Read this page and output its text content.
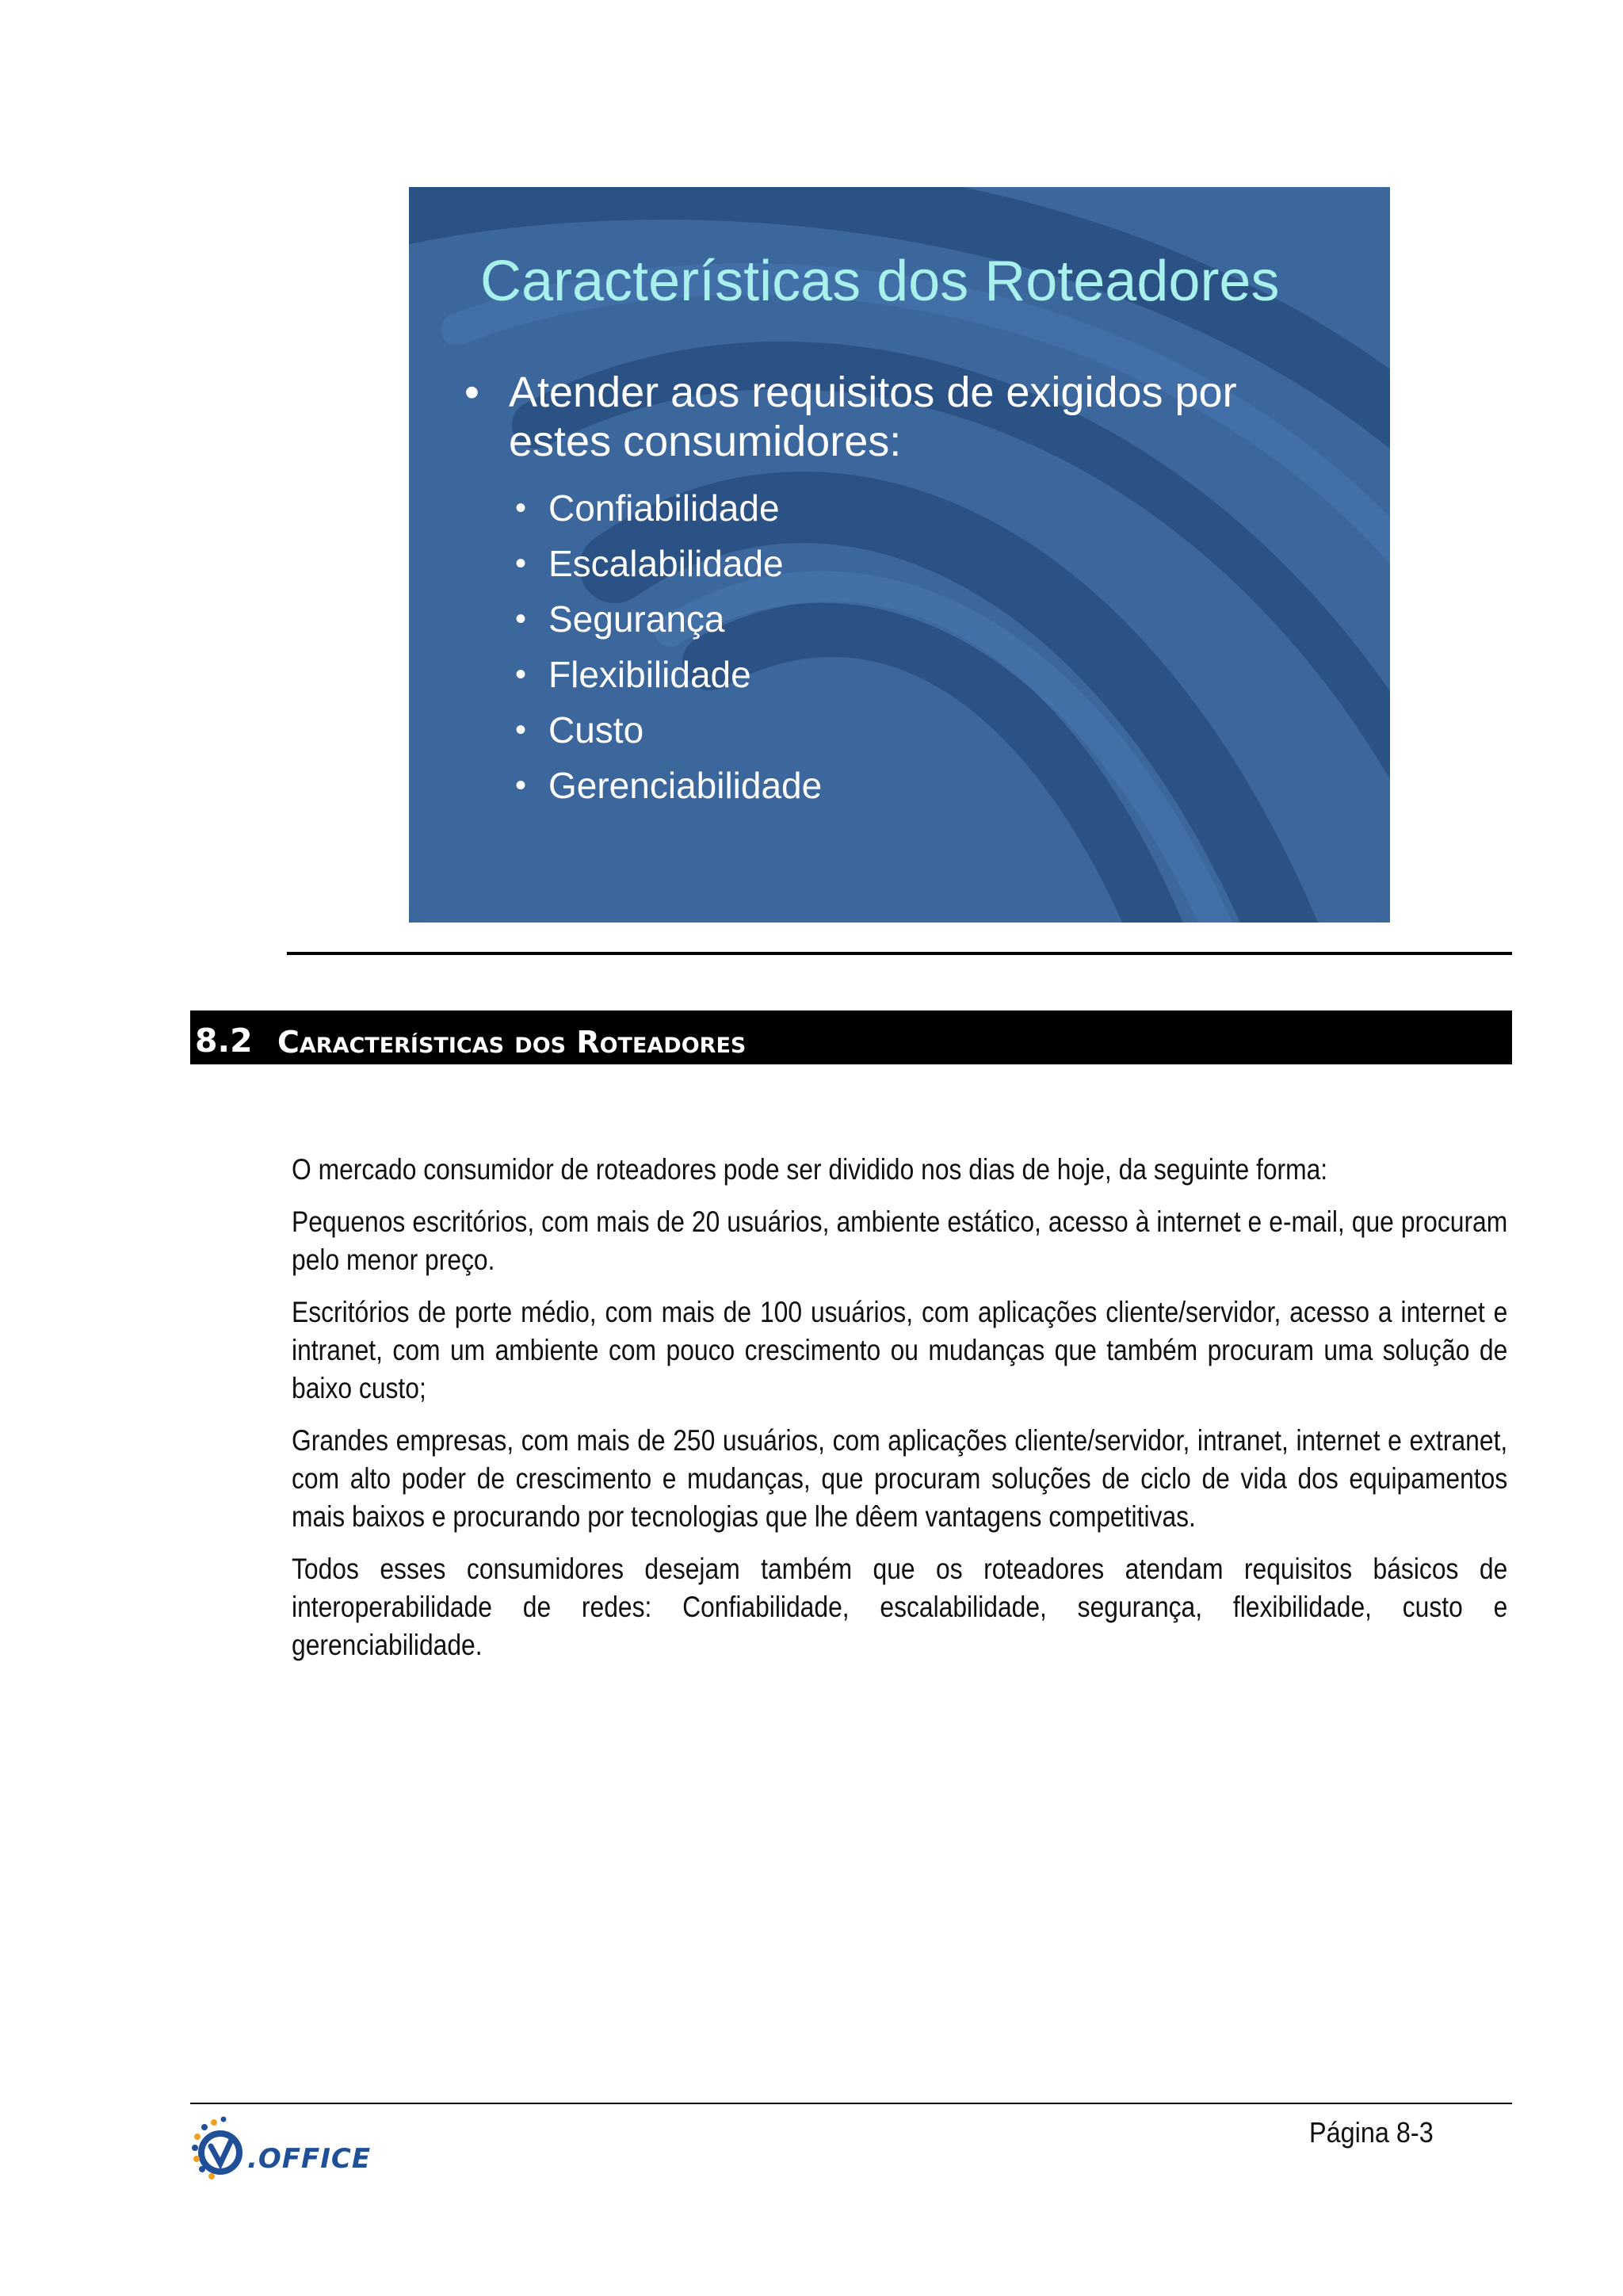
Características dos Roteadores
• Atender aos requisitos de exigidos por estes consumidores:
• Confiabilidade
• Escalabilidade
• Segurança
• Flexibilidade
• Custo
• Gerenciabilidade
8.2 Características dos Roteadores

O mercado consumidor de roteadores pode ser dividido nos dias de hoje, da seguinte forma:

Pequenos escritórios, com mais de 20 usuários, ambiente estático, acesso à internet e e-mail, que procuram pelo menor preço.

Escritórios de porte médio, com mais de 100 usuários, com aplicações cliente/servidor, acesso a internet e intranet, com um ambiente com pouco crescimento ou mudanças que também procuram uma solução de baixo custo;

Grandes empresas, com mais de 250 usuários, com aplicações cliente/servidor, intranet, internet e extranet, com alto poder de crescimento e mudanças, que procuram soluções de ciclo de vida dos equipamentos mais baixos e procurando por tecnologias que lhe dêem vantagens competitivas.

Todos esses consumidores desejam também que os roteadores atendam requisitos básicos de interoperabilidade de redes: Confiabilidade, escalabilidade, segurança, flexibilidade, custo e gerenciabilidade.

.OFFICE
Página 8-3
